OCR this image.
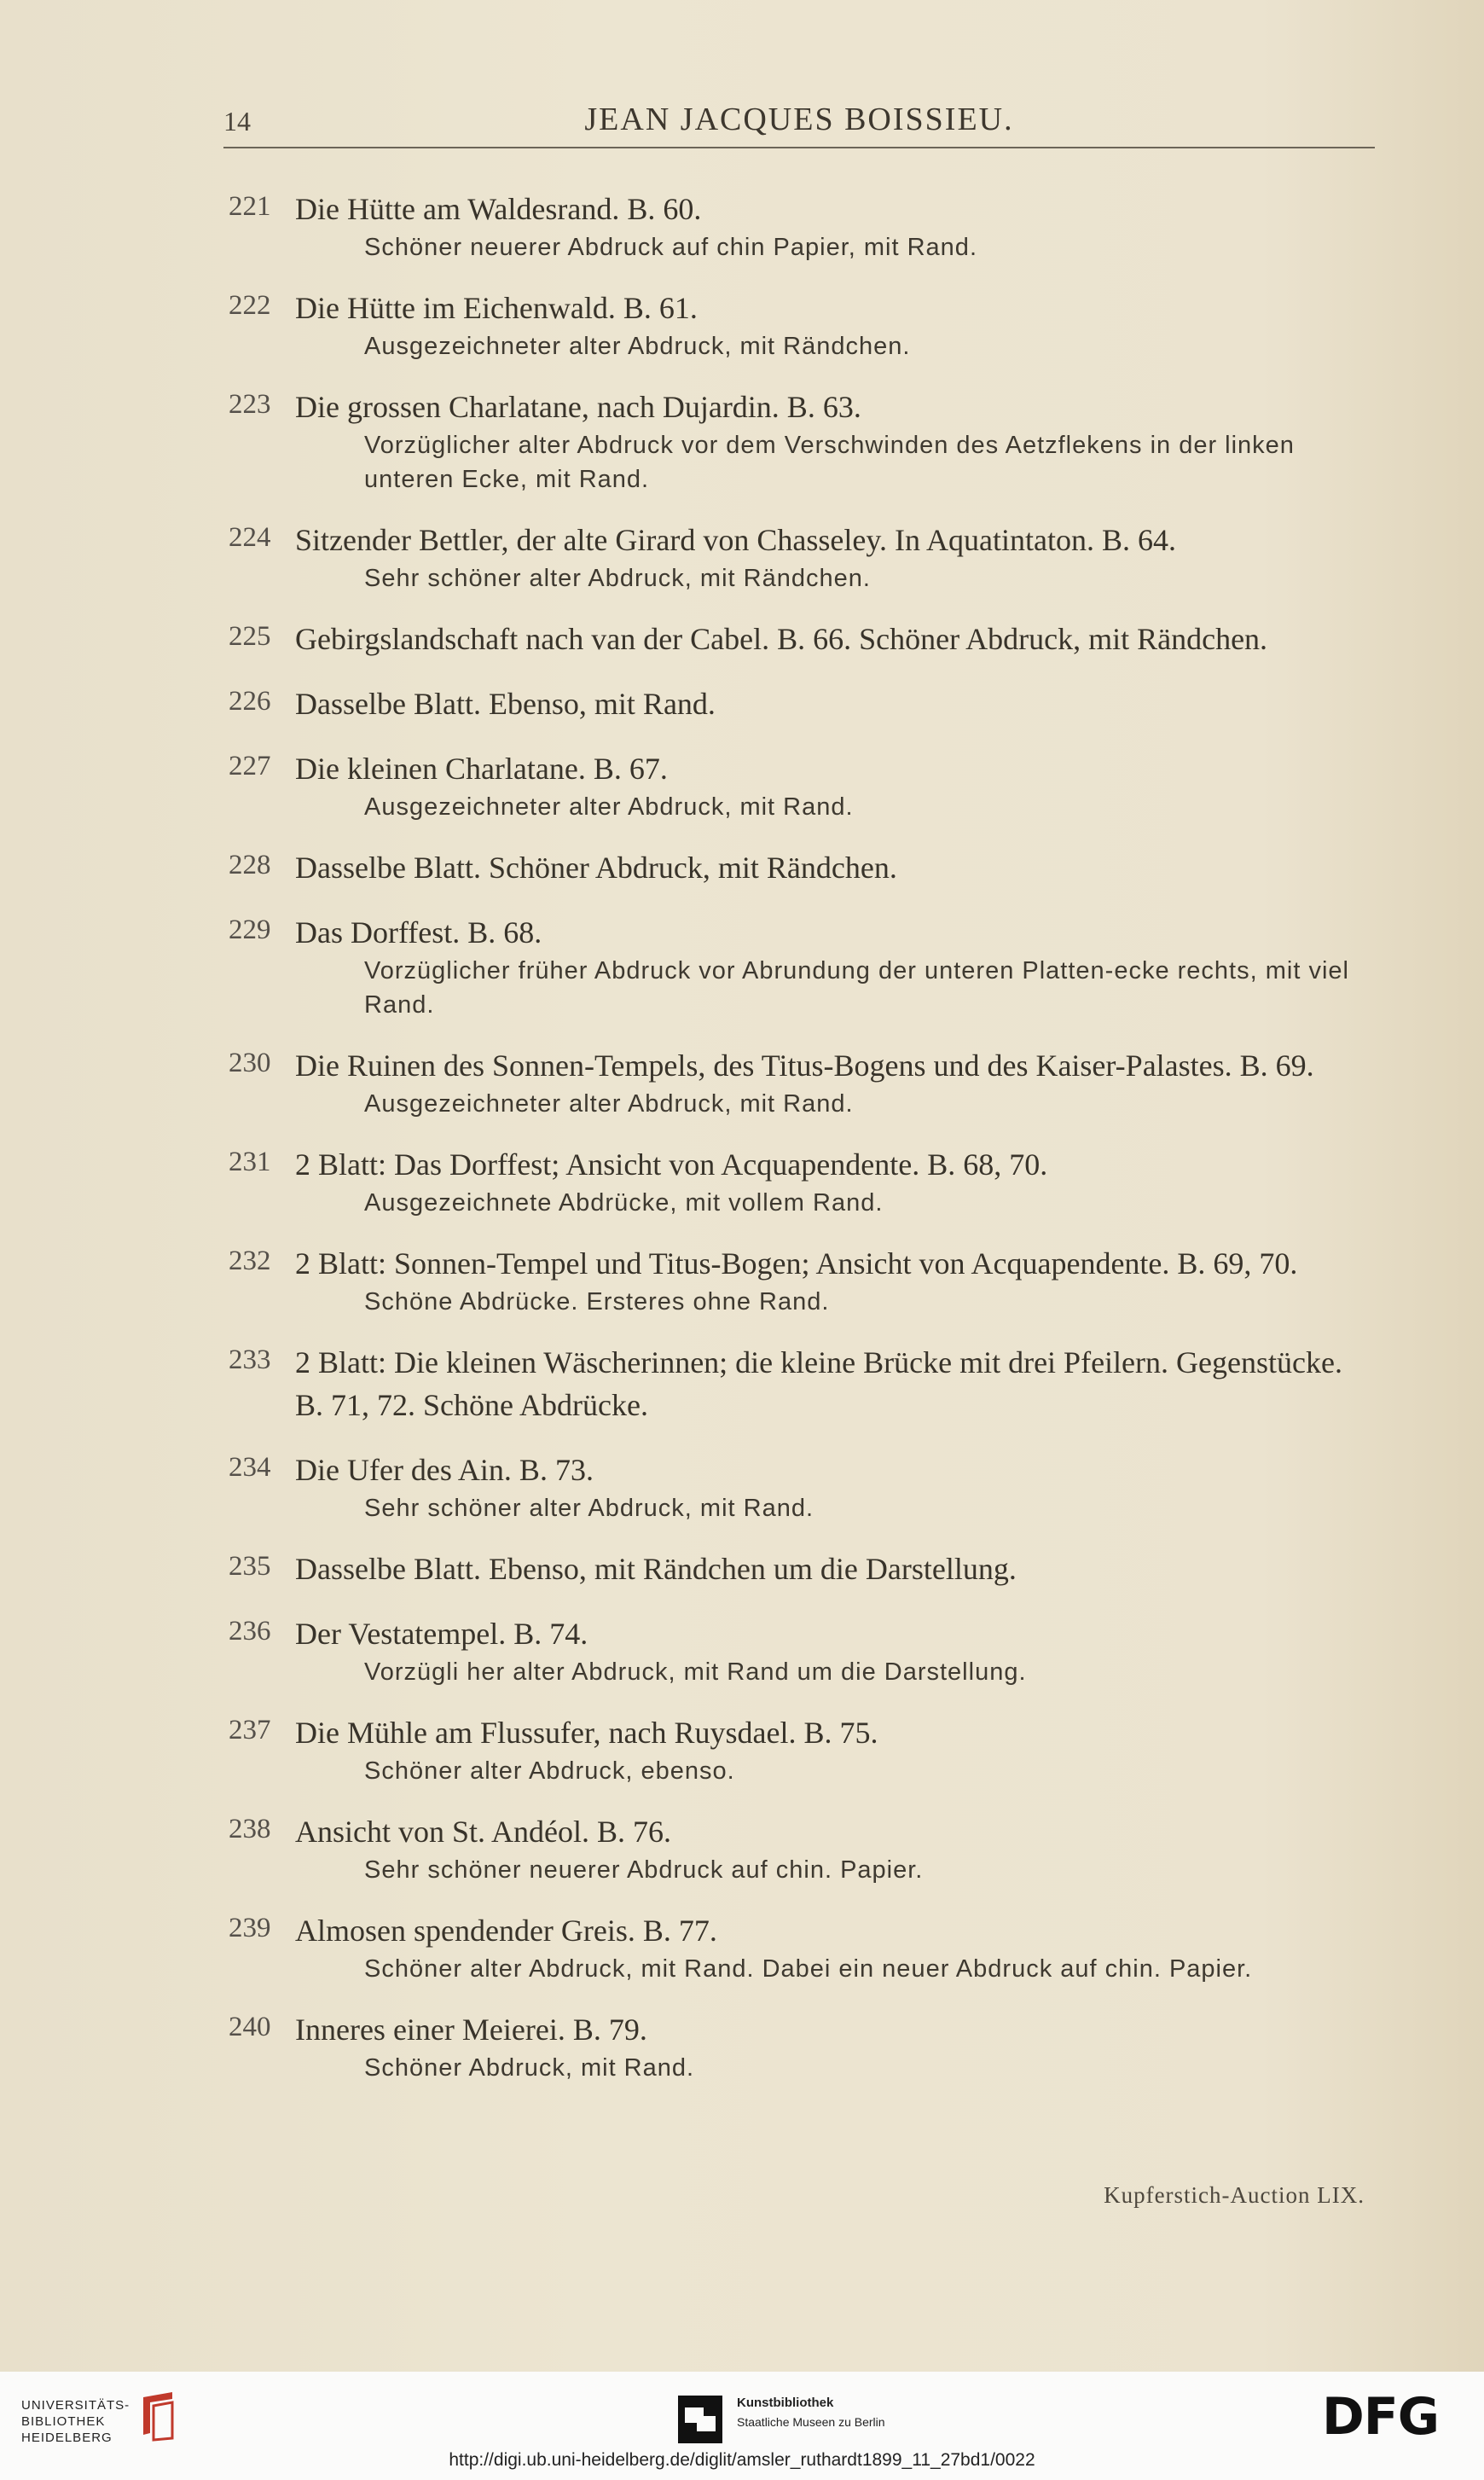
14	JEAN JACQUES BOISSIEU.
221 Die Hütte am Waldesrand. B. 60.
Schöner neuerer Abdruck auf chin Papier, mit Rand.
222 Die Hütte im Eichenwald. B. 61.
Ausgezeichneter alter Abdruck, mit Rändchen.
223 Die grossen Charlatane, nach Dujardin. B. 63.
Vorzüglicher alter Abdruck vor dem Verschwinden des Aetzflekens in der linken unteren Ecke, mit Rand.
224 Sitzender Bettler, der alte Girard von Chasseley. In Aquatintaton. B. 64.
Sehr schöner alter Abdruck, mit Rändchen.
225 Gebirgslandschaft nach van der Cabel. B. 66. Schöner Abdruck, mit Rändchen.
226 Dasselbe Blatt. Ebenso, mit Rand.
227 Die kleinen Charlatane. B. 67.
Ausgezeichneter alter Abdruck, mit Rand.
228 Dasselbe Blatt. Schöner Abdruck, mit Rändchen.
229 Das Dorffest. B. 68.
Vorzüglicher früher Abdruck vor Abrundung der unteren Platten-ecke rechts, mit viel Rand.
230 Die Ruinen des Sonnen-Tempels, des Titus-Bogens und des Kaiser-Palastes. B. 69.
Ausgezeichneter alter Abdruck, mit Rand.
231 2 Blatt: Das Dorffest; Ansicht von Acquapendente. B. 68, 70.
Ausgezeichnete Abdrücke, mit vollem Rand.
232 2 Blatt: Sonnen-Tempel und Titus-Bogen; Ansicht von Acquapendente. B. 69, 70.
Schöne Abdrücke. Ersteres ohne Rand.
233 2 Blatt: Die kleinen Wäscherinnen; die kleine Brücke mit drei Pfeilern. Gegenstücke. B. 71, 72. Schöne Abdrücke.
234 Die Ufer des Ain. B. 73.
Sehr schöner alter Abdruck, mit Rand.
235 Dasselbe Blatt. Ebenso, mit Rändchen um die Darstellung.
236 Der Vestatempel. B. 74.
Vorzügli her alter Abdruck, mit Rand um die Darstellung.
237 Die Mühle am Flussufer, nach Ruysdael. B. 75.
Schöner alter Abdruck, ebenso.
238 Ansicht von St. Andéol. B. 76.
Sehr schöner neuerer Abdruck auf chin. Papier.
239 Almosen spendender Greis. B. 77.
Schöner alter Abdruck, mit Rand. Dabei ein neuer Abdruck auf chin. Papier.
240 Inneres einer Meierei. B. 79.
Schöner Abdruck, mit Rand.
Kupferstich-Auction LIX.
UNIVERSITÄTS-
BIBLIOTHEK
HEIDELBERG
Kunstbibliothek
Staatliche Museen zu Berlin	DFG
http://digi.ub.uni-heidelberg.de/diglit/amsler_ruthardt1899_11_27bd1/0022
